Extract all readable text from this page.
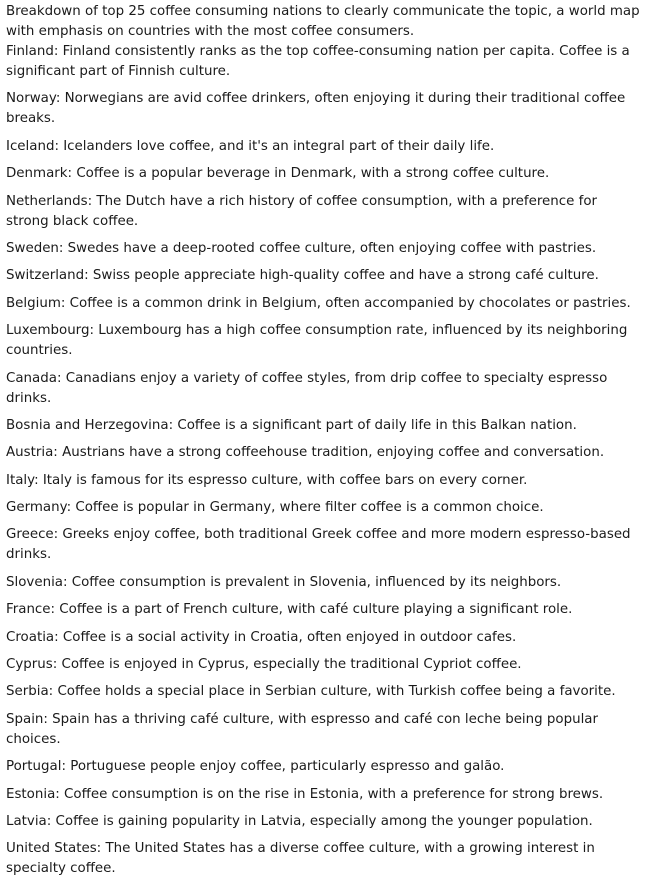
Breakdown of top 25 coffee consuming nations to clearly communicate the topic, a world map with emphasis on countries with the most coffee consumers.

Finland: Finland consistently ranks as the top coffee-consuming nation per capita. Coffee is a significant part of Finnish culture.

Norway: Norwegians are avid coffee drinkers, often enjoying it during their traditional coffee breaks.

Iceland: Icelanders love coffee, and it's an integral part of their daily life.

Denmark: Coffee is a popular beverage in Denmark, with a strong coffee culture.

Netherlands: The Dutch have a rich history of coffee consumption, with a preference for strong black coffee.

Sweden: Swedes have a deep-rooted coffee culture, often enjoying coffee with pastries.

Switzerland: Swiss people appreciate high-quality coffee and have a strong café culture.

Belgium: Coffee is a common drink in Belgium, often accompanied by chocolates or pastries.

Luxembourg: Luxembourg has a high coffee consumption rate, influenced by its neighboring countries.

Canada: Canadians enjoy a variety of coffee styles, from drip coffee to specialty espresso drinks.

Bosnia and Herzegovina: Coffee is a significant part of daily life in this Balkan nation.

Austria: Austrians have a strong coffeehouse tradition, enjoying coffee and conversation.

Italy: Italy is famous for its espresso culture, with coffee bars on every corner.

Germany: Coffee is popular in Germany, where filter coffee is a common choice.

Greece: Greeks enjoy coffee, both traditional Greek coffee and more modern espresso-based drinks.

Slovenia: Coffee consumption is prevalent in Slovenia, influenced by its neighbors.

France: Coffee is a part of French culture, with café culture playing a significant role.

Croatia: Coffee is a social activity in Croatia, often enjoyed in outdoor cafes.

Cyprus: Coffee is enjoyed in Cyprus, especially the traditional Cypriot coffee.

Serbia: Coffee holds a special place in Serbian culture, with Turkish coffee being a favorite.

Spain: Spain has a thriving café culture, with espresso and café con leche being popular choices.

Portugal: Portuguese people enjoy coffee, particularly espresso and galão.

Estonia: Coffee consumption is on the rise in Estonia, with a preference for strong brews.

Latvia: Coffee is gaining popularity in Latvia, especially among the younger population.

United States: The United States has a diverse coffee culture, with a growing interest in specialty coffee.
